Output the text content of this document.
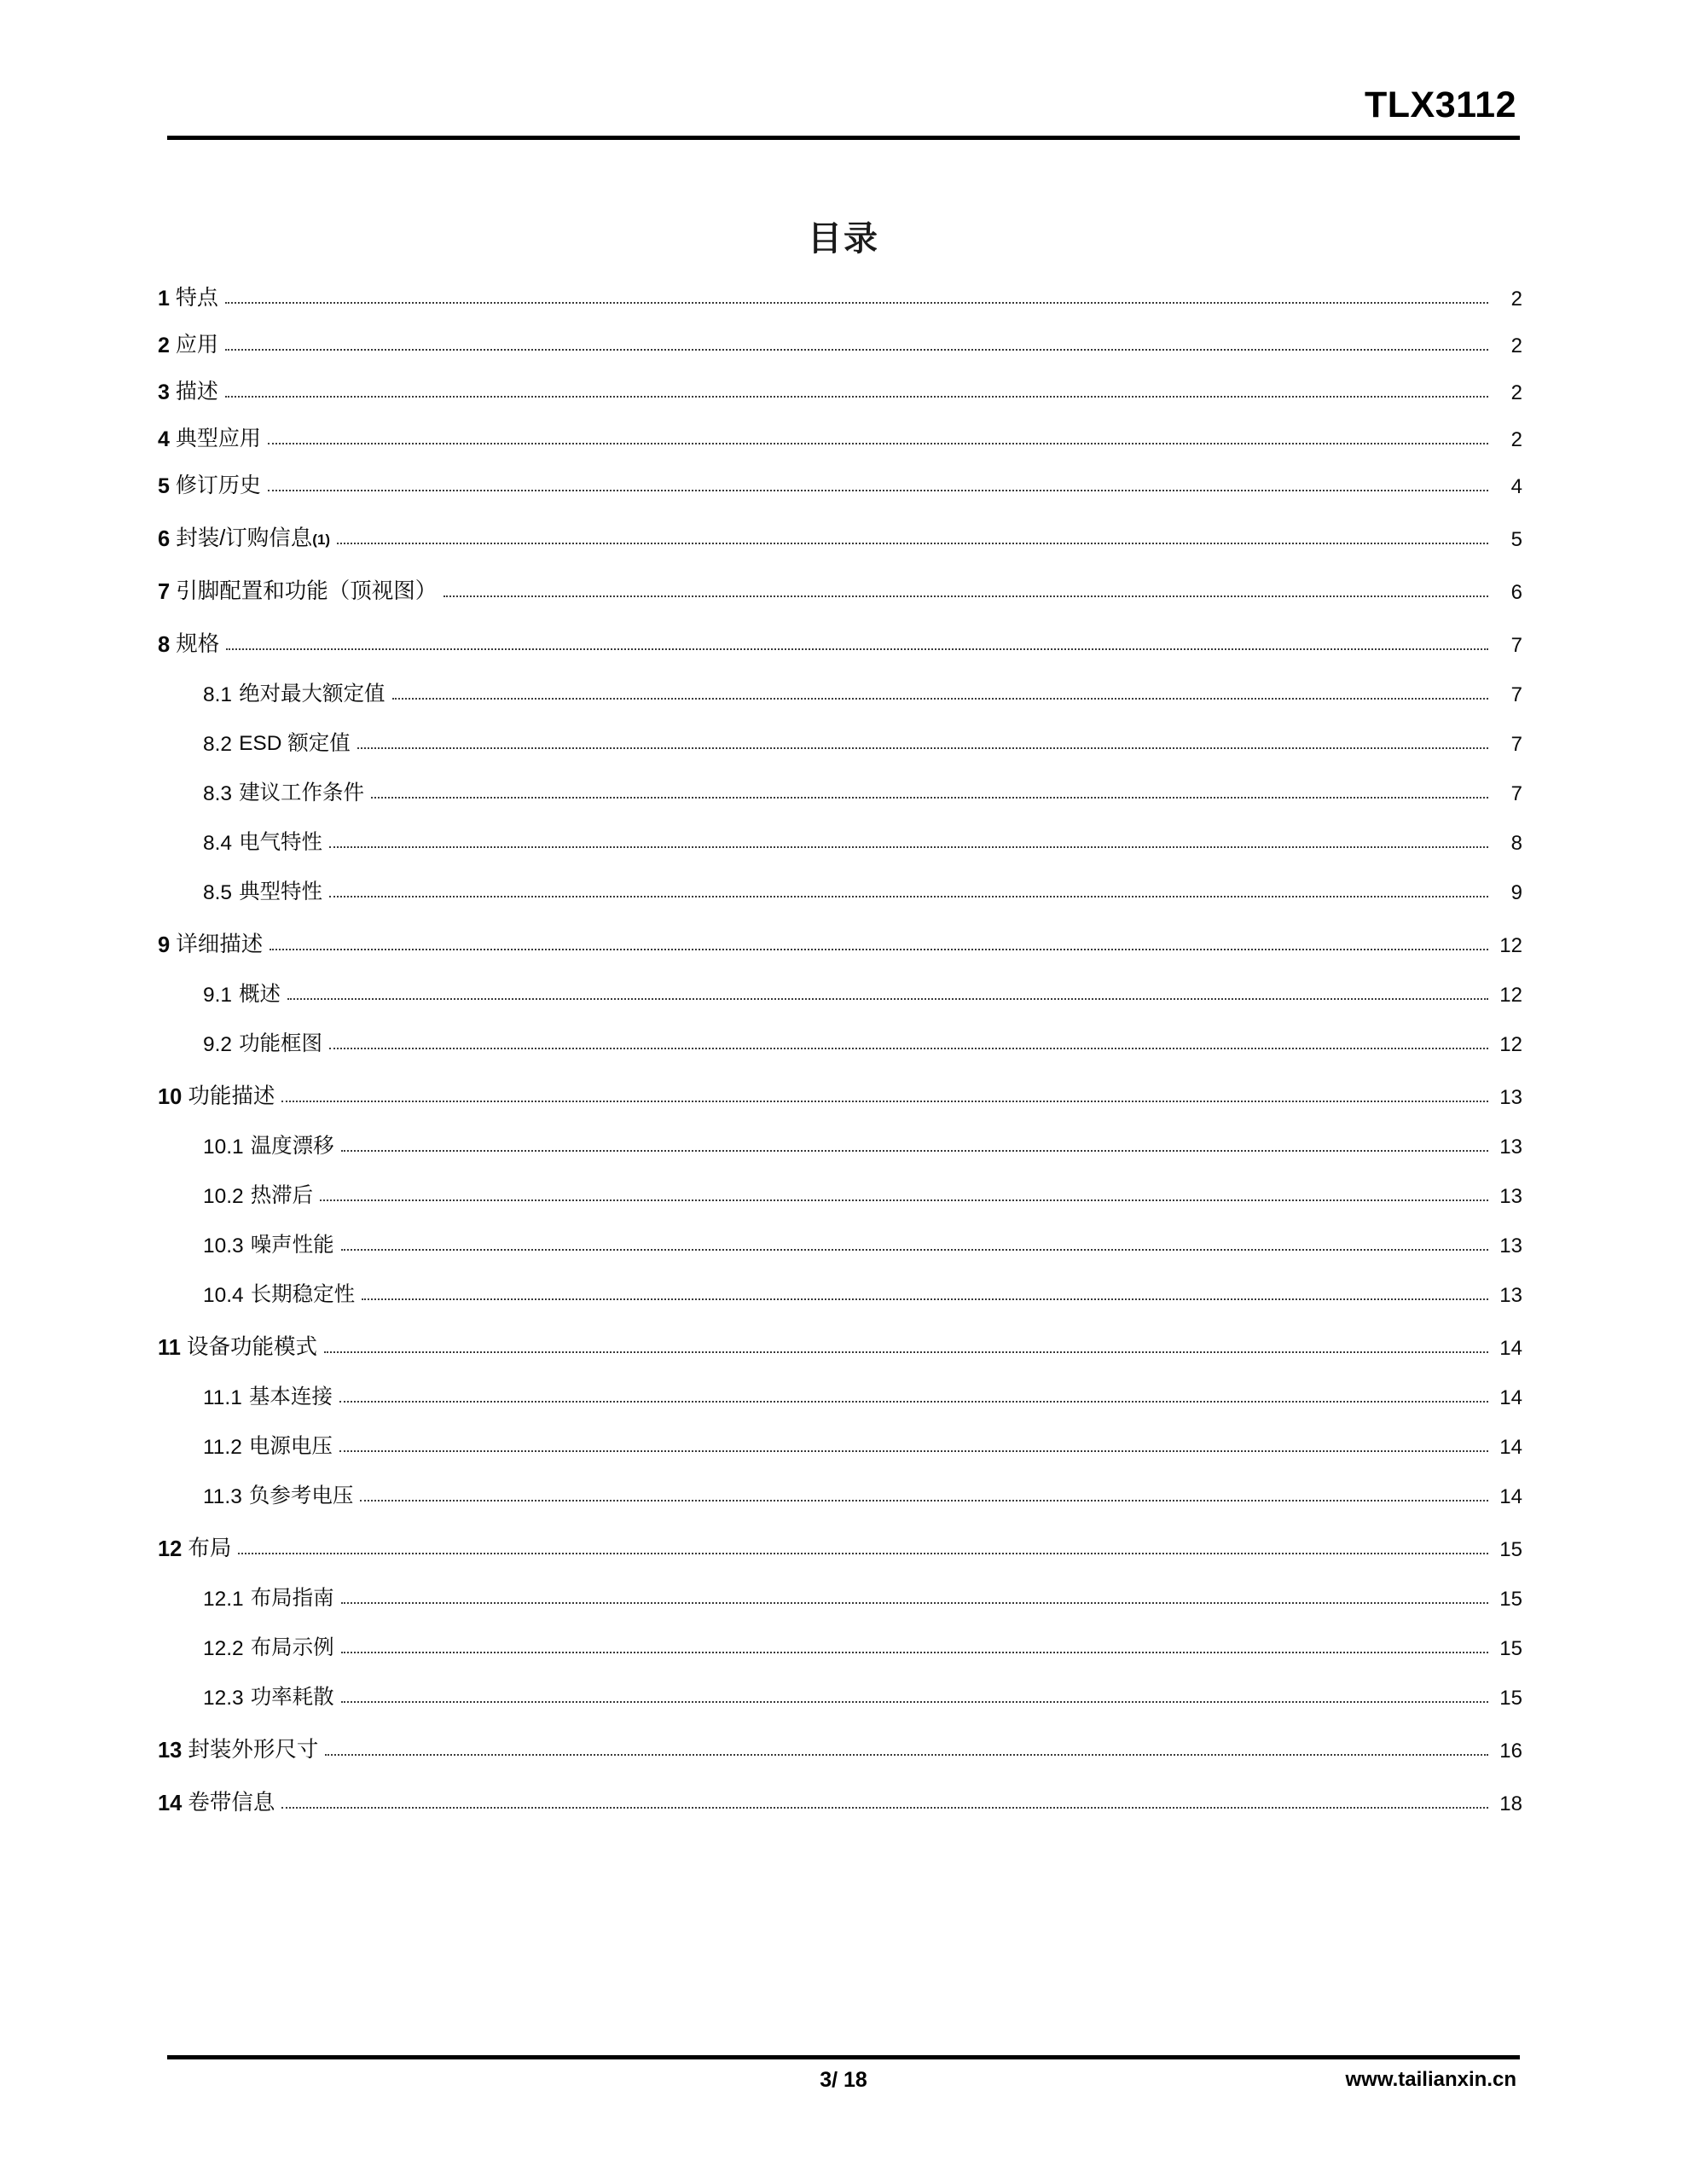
TLX3112
目录
1 特点	2
2 应用	2
3 描述	2
4 典型应用	2
5 修订历史	4
6 封装/订购信息 (1)	5
7 引脚配置和功能（顶视图）	6
8 规格	7
8.1 绝对最大额定值	7
8.2 ESD 额定值	7
8.3 建议工作条件	7
8.4 电气特性	8
8.5 典型特性	9
9 详细描述	12
9.1 概述	12
9.2 功能框图	12
10 功能描述	13
10.1 温度漂移	13
10.2 热滞后	13
10.3 噪声性能	13
10.4 长期稳定性	13
11 设备功能模式	14
11.1 基本连接	14
11.2 电源电压	14
11.3 负参考电压	14
12 布局	15
12.1 布局指南	15
12.2 布局示例	15
12.3 功率耗散	15
13 封装外形尺寸	16
14 卷带信息	18
3/ 18	www.tailianxin.cn
